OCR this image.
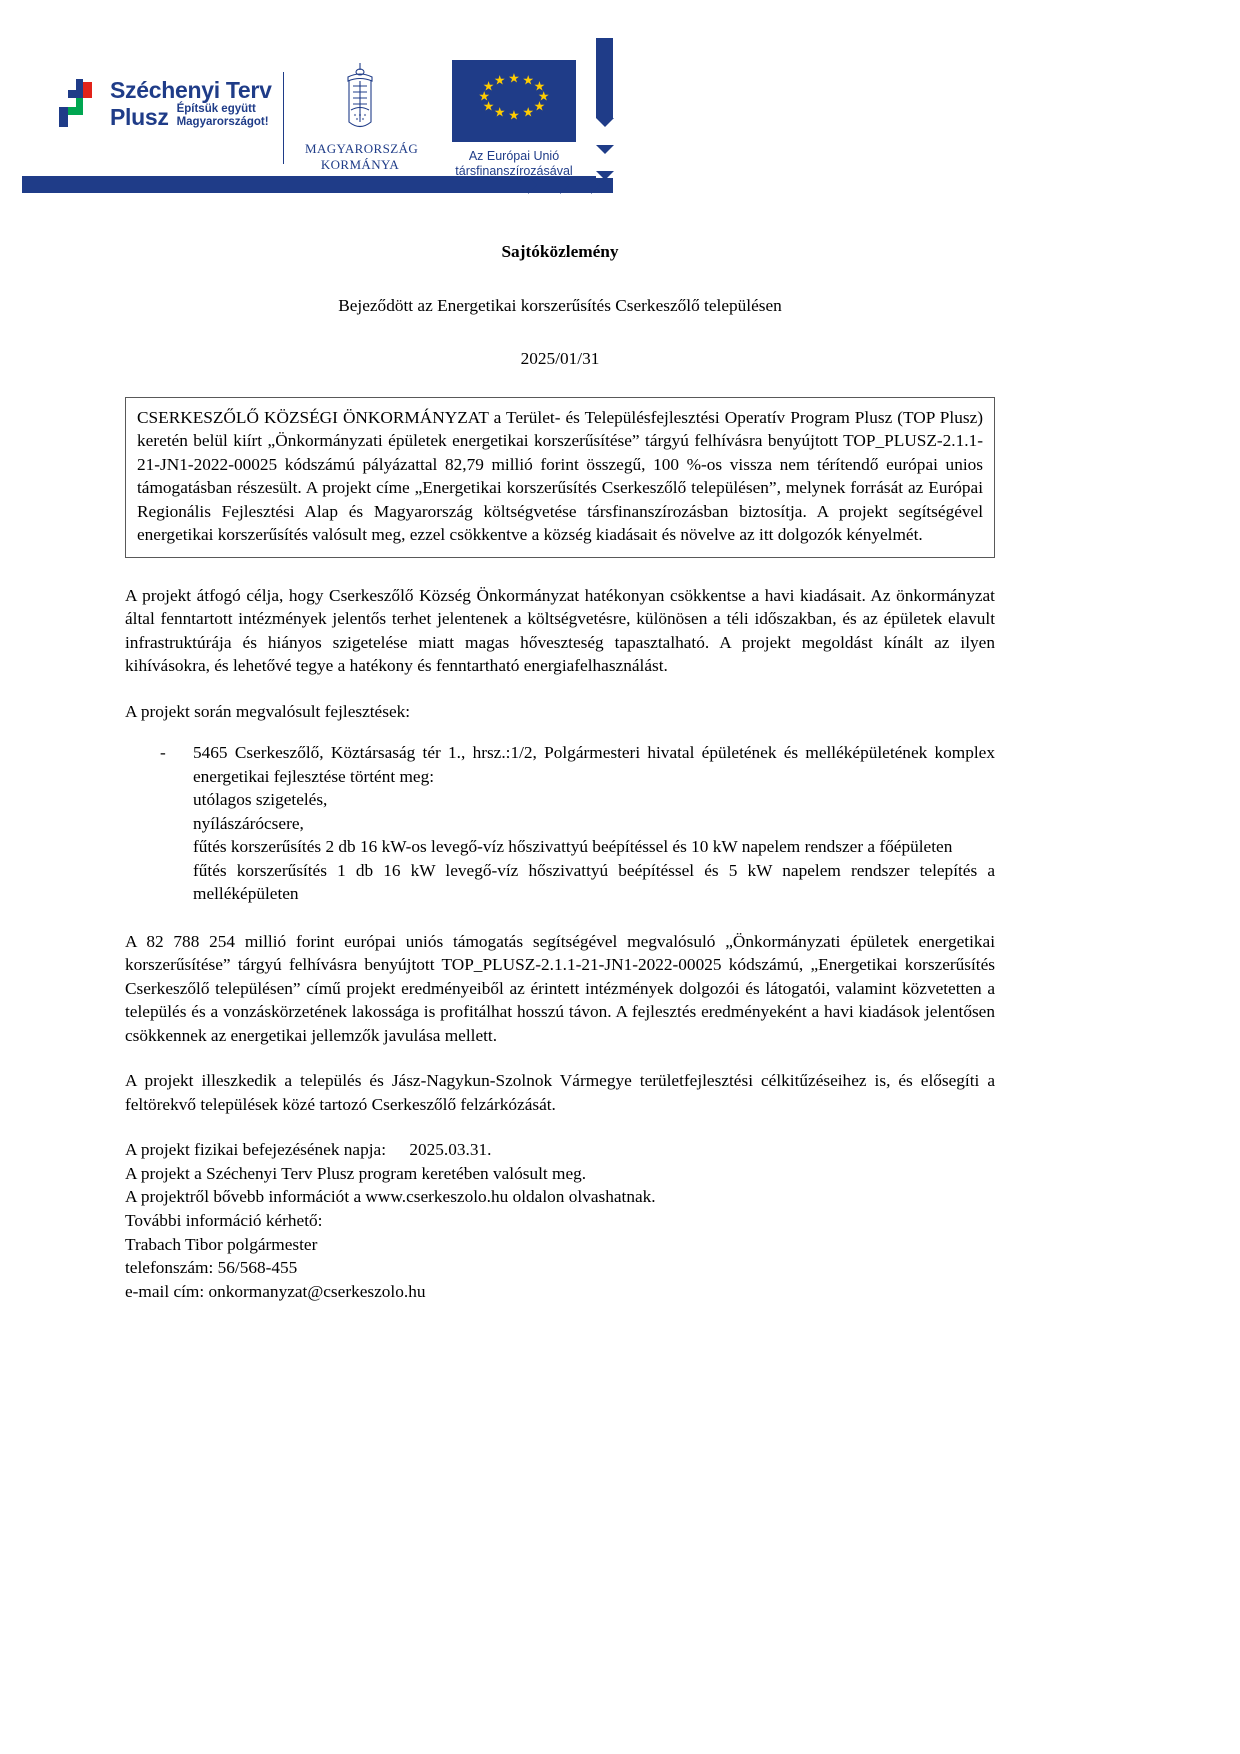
Széchenyi Terv
Plusz Építsük együtt
Magyarországot!
MAGYARORSZÁG
KORMÁNYA
★ ★ ★
★
★
★
★
★
★
★
★ ★
Az Európai Unió
társfinanszírozásával
Sajtóközlemény
Bejeződött az Energetikai korszerűsítés Cserkeszőlő településen
2025/01/31
CSERKESZŐLŐ KÖZSÉGI ÖNKORMÁNYZAT a Terület- és Településfejlesztési Operatív Program Plusz (TOP Plusz) keretén belül kiírt „Önkormányzati épületek energetikai korszerűsítése” tárgyú felhívásra benyújtott TOP_PLUSZ-2.1.1-21-JN1-2022-00025 kódszámú pályázattal 82,79 millió forint összegű, 100 %-os vissza nem térítendő európai unios támogatásban részesült. A projekt címe „Energetikai korszerűsítés Cserkeszőlő településen”, melynek forrását az Európai Regionális Fejlesztési Alap és Magyarország költségvetése társfinanszírozásban biztosítja. A projekt segítségével energetikai korszerűsítés valósult meg, ezzel csökkentve a község kiadásait és növelve az itt dolgozók kényelmét.

A projekt átfogó célja, hogy Cserkeszőlő Község Önkormányzat hatékonyan csökkentse a havi kiadásait. Az önkormányzat által fenntartott intézmények jelentős terhet jelentenek a költségvetésre, különösen a téli időszakban, és az épületek elavult infrastruktúrája és hiányos szigetelése miatt magas hőveszteség tapasztalható. A projekt megoldást kínált az ilyen kihívásokra, és lehetővé tegye a hatékony és fenntartható energiafelhasználást.

A projekt során megvalósult fejlesztések:

-	5465 Cserkeszőlő, Köztársaság tér 1., hrsz.:1/2, Polgármesteri hivatal épületének és melléképületének komplex energetikai fejlesztése történt meg:
utólagos szigetelés,
nyílászárócsere,
fűtés korszerűsítés 2 db 16 kW-os levegő-víz hőszivattyú beépítéssel és 10 kW napelem rendszer a főépületen
fűtés korszerűsítés 1 db 16 kW levegő-víz hőszivattyú beépítéssel és 5 kW napelem rendszer telepítés a melléképületen

A 82 788 254 millió forint európai uniós támogatás segítségével megvalósuló „Önkormányzati épületek energetikai korszerűsítése” tárgyú felhívásra benyújtott TOP_PLUSZ-2.1.1-21-JN1-2022-00025 kódszámú, „Energetikai korszerűsítés Cserkeszőlő településen” című projekt eredményeiből az érintett intézmények dolgozói és látogatói, valamint közvetetten a település és a vonzáskörzetének lakossága is profitálhat hosszú távon. A fejlesztés eredményeként a havi kiadások jelentősen csökkennek az energetikai jellemzők javulása mellett.

A projekt illeszkedik a település és Jász-Nagykun-Szolnok Vármegye területfejlesztési célkitűzéseihez is, és elősegíti a feltörekvő települések közé tartozó Cserkeszőlő felzárkózását.

A projekt fizikai befejezésének napja: 2025.03.31.

A projekt a Széchenyi Terv Plusz program keretében valósult meg.

A projektről bővebb információt a www.cserkeszolo.hu oldalon olvashatnak.

További információ kérhető:

Trabach Tibor polgármester

telefonszám: 56/568-455

e-mail cím: onkormanyzat@cserkeszolo.hu
